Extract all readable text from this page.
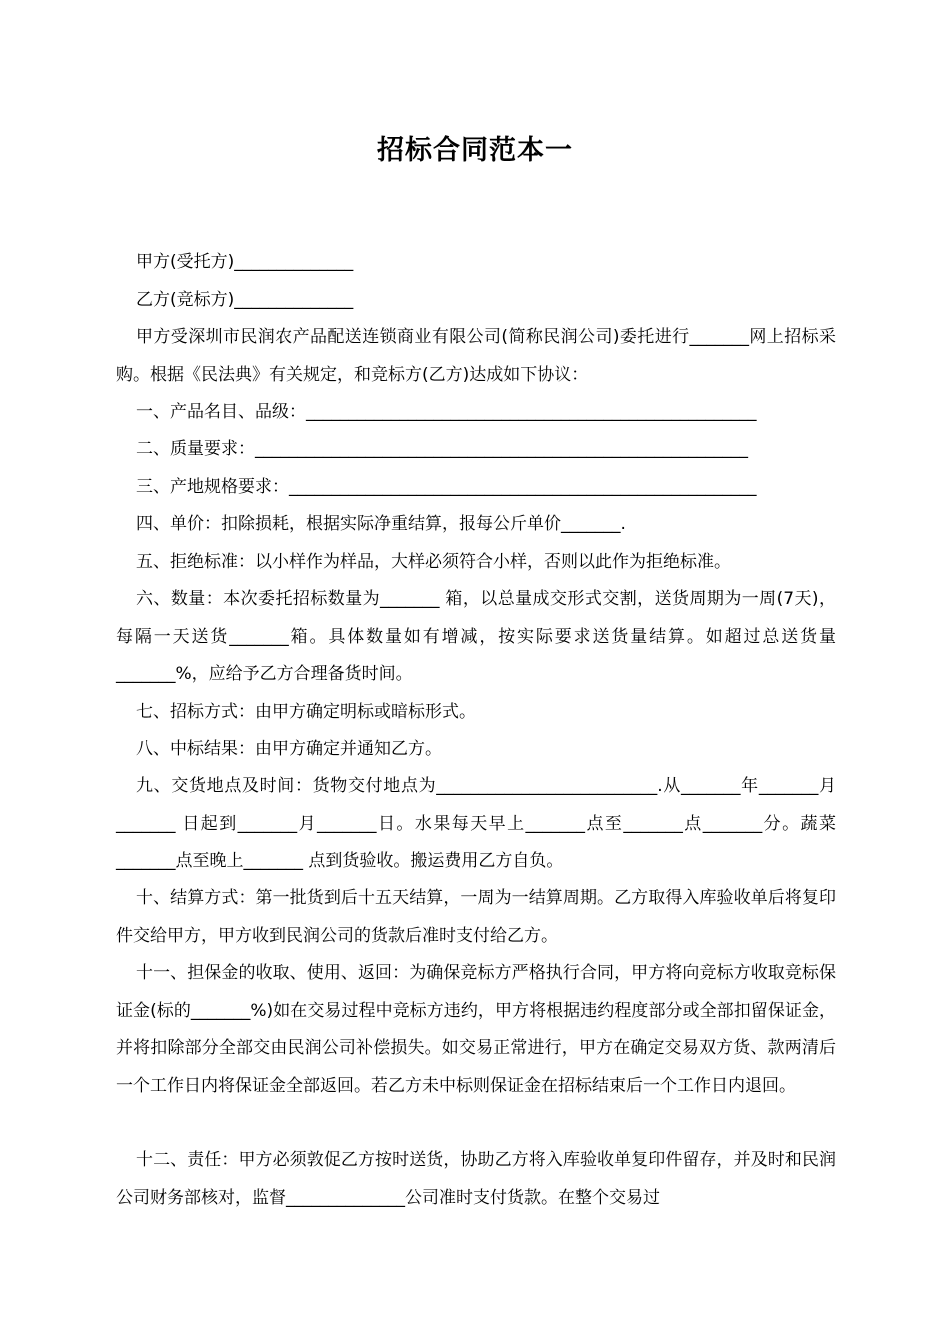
招标合同范本一
甲方(受托方)______________
乙方(竞标方)______________
甲方受深圳市民润农产品配送连锁商业有限公司(简称民润公司)委托进行_______网上招标采购。根据《民法典》有关规定，和竞标方(乙方)达成如下协议：
一、产品名目、品级：_____________________________________________________
二、质量要求：__________________________________________________________
三、产地规格要求：_______________________________________________________
四、单价：扣除损耗，根据实际净重结算，报每公斤单价_______.
五、拒绝标准：以小样作为样品，大样必须符合小样，否则以此作为拒绝标准。
六、数量：本次委托招标数量为_______ 箱，以总量成交形式交割，送货周期为一周(7天)，每隔一天送货_______箱。具体数量如有增减，按实际要求送货量结算。如超过总送货量_______%，应给予乙方合理备货时间。
七、招标方式：由甲方确定明标或暗标形式。
八、中标结果：由甲方确定并通知乙方。
九、交货地点及时间：货物交付地点为__________________________.从_______年_______月_______ 日起到_______月_______日。水果每天早上_______点至_______点_______分。蔬菜_______点至晚上_______ 点到货验收。搬运费用乙方自负。
十、结算方式：第一批货到后十五天结算，一周为一结算周期。乙方取得入库验收单后将复印件交给甲方，甲方收到民润公司的货款后准时支付给乙方。
十一、担保金的收取、使用、返回：为确保竞标方严格执行合同，甲方将向竞标方收取竞标保证金(标的_______%)如在交易过程中竞标方违约，甲方将根据违约程度部分或全部扣留保证金，并将扣除部分全部交由民润公司补偿损失。如交易正常进行，甲方在确定交易双方货、款两清后一个工作日内将保证金全部返回。若乙方未中标则保证金在招标结束后一个工作日内退回。
十二、责任：甲方必须敦促乙方按时送货，协助乙方将入库验收单复印件留存，并及时和民润公司财务部核对，监督______________公司准时支付货款。在整个交易过
